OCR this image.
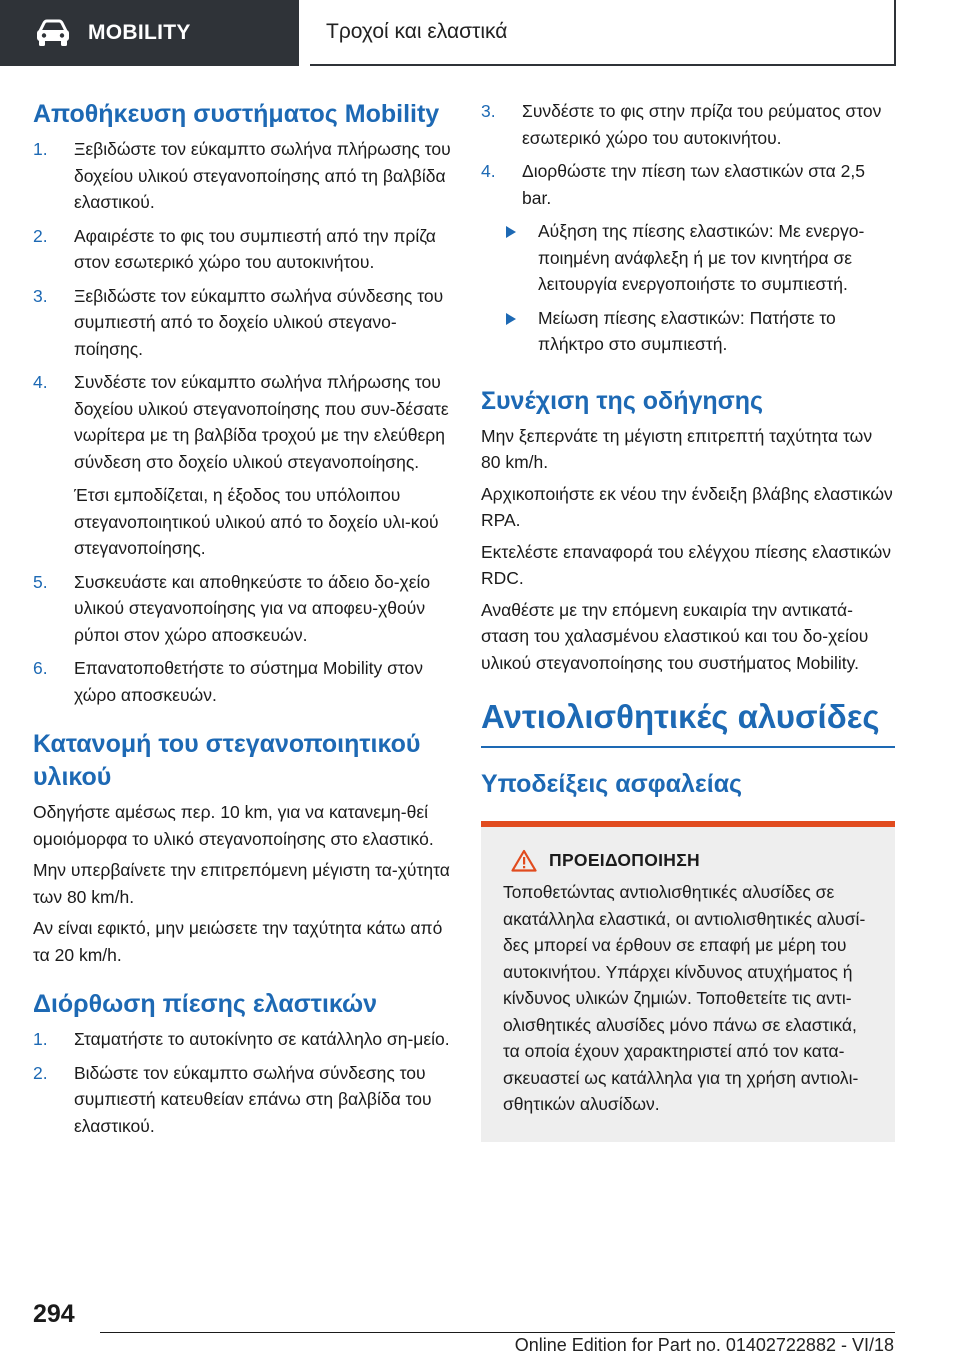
MOBILITY	Τροχοί και ελαστικά
Αποθήκευση συστήματος Mobility
1. Ξεβιδώστε τον εύκαμπτο σωλήνα πλήρωσης του δοχείου υλικού στεγανοποίησης από τη βαλβίδα ελαστικού.
2. Αφαιρέστε το φις του συμπιεστή από την πρίζα στον εσωτερικό χώρο του αυτοκινήτου.
3. Ξεβιδώστε τον εύκαμπτο σωλήνα σύνδεσης του συμπιεστή από το δοχείο υλικού στεγανο‐ποίησης.
4. Συνδέστε τον εύκαμπτο σωλήνα πλήρωσης του δοχείου υλικού στεγανοποίησης που συν‐δέσατε νωρίτερα με τη βαλβίδα τροχού με την ελεύθερη σύνδεση στο δοχείο υλικού στεγανοποίησης.
Έτσι εμποδίζεται, η έξοδος του υπόλοιπου στεγανοποιητικού υλικού από το δοχείο υλι‐κού στεγανοποίησης.
5. Συσκευάστε και αποθηκεύστε το άδειο δο‐χείο υλικού στεγανοποίησης για να αποφευ‐χθούν ρύποι στον χώρο αποσκευών.
6. Επανατοποθετήστε το σύστημα Mobility στον χώρο αποσκευών.
Κατανομή του στεγανοποιητικού υλικού

Οδηγήστε αμέσως περ. 10 km, για να κατανεμη‐θεί ομοιόμορφα το υλικό στεγανοποίησης στο ελαστικό.

Μην υπερβαίνετε την επιτρεπόμενη μέγιστη τα‐χύτητα των 80 km/h.

Αν είναι εφικτό, μην μειώσετε την ταχύτητα κάτω από τα 20 km/h.

Διόρθωση πίεσης ελαστικών
1. Σταματήστε το αυτοκίνητο σε κατάλληλο ση‐μείο.
2. Βιδώστε τον εύκαμπτο σωλήνα σύνδεσης του συμπιεστή κατευθείαν επάνω στη βαλβίδα του ελαστικού.
3. Συνδέστε το φις στην πρίζα του ρεύματος στον εσωτερικό χώρο του αυτοκινήτου.
4. Διορθώστε την πίεση των ελαστικών στα 2,5 bar.
Αύξηση της πίεσης ελαστικών: Με ενεργο‐ποιημένη ανάφλεξη ή με τον κινητήρα σε λειτουργία ενεργοποιήστε το συμπιεστή.
Μείωση πίεσης ελαστικών: Πατήστε το πλήκτρο στο συμπιεστή.
Συνέχιση της οδήγησης

Μην ξεπερνάτε τη μέγιστη επιτρεπτή ταχύτητα των 80 km/h.

Αρχικοποιήστε εκ νέου την ένδειξη βλάβης ελαστικών RPA.

Εκτελέστε επαναφορά του ελέγχου πίεσης ελαστικών RDC.

Αναθέστε με την επόμενη ευκαιρία την αντικατά‐σταση του χαλασμένου ελαστικού και του δο‐χείου υλικού στεγανοποίησης του συστήματος Mobility.

Αντιολισθητικές αλυσίδες
Υποδείξεις ασφαλείας
ΠΡΟΕΙΔΟΠΟΙΗΣΗ
Τοποθετώντας αντιολισθητικές αλυσίδες σε ακατάλληλα ελαστικά, οι αντιολισθητικές αλυσί‐δες μπορεί να έρθουν σε επαφή με μέρη του αυτοκινήτου. Υπάρχει κίνδυνος ατυχήματος ή κίνδυνος υλικών ζημιών. Τοποθετείτε τις αντι‐ολισθητικές αλυσίδες μόνο πάνω σε ελαστικά, τα οποία έχουν χαρακτηριστεί από τον κατα‐σκευαστεί ως κατάλληλα για τη χρήση αντιολι‐σθητικών αλυσίδων.
294
Online Edition for Part no. 01402722882 - VI/18
